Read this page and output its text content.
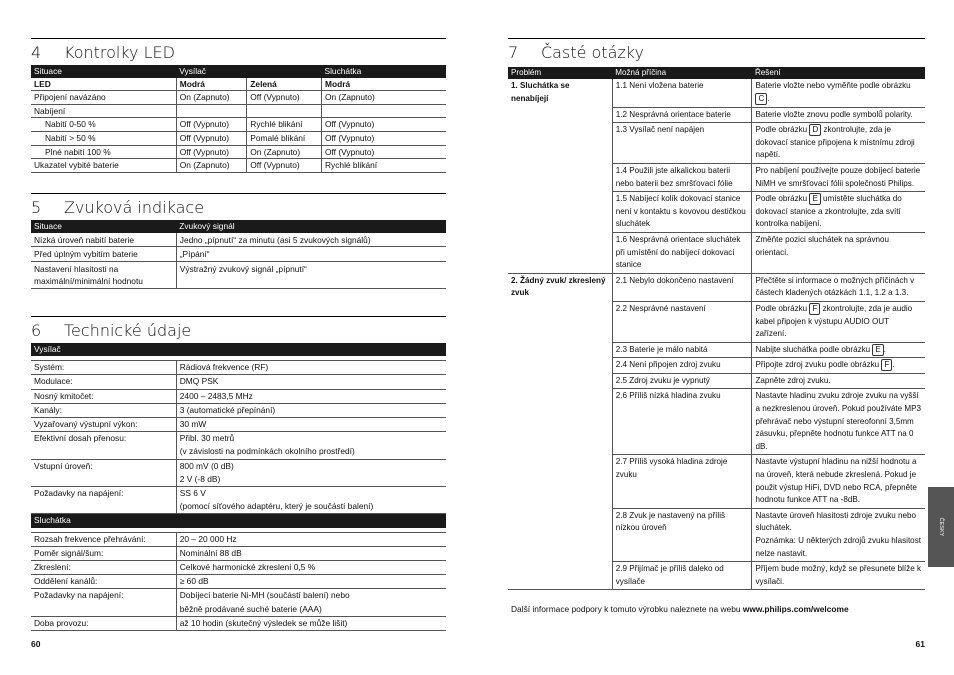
4 Kontrolky LED
Situace	Vysílač		Sluchátka
LED	Modrá	Zelená	Modrá
Připojení navázáno	On (Zapnuto)	Off (Vypnuto)	On (Zapnuto)
Nabíjení			
Nabití 0-50 %	Off (Vypnuto)	Rychlé blikání	Off (Vypnuto)
Nabití > 50 %	Off (Vypnuto)	Pomalé blikání	Off (Vypnuto)
Plné nabití 100 %	Off (Vypnuto)	On (Zapnuto)	Off (Vypnuto)
Ukazatel vybité baterie	On (Zapnuto)	Off (Vypnuto)	Rychlé blikání
5 Zvuková indikace
Situace	Zvukový signál
Nízká úroveň nabití baterie	Jedno „pípnutí“ za minutu (asi 5 zvukových signálů)
Před úplným vybitím baterie	„Pípání“
Nastavení hlasitosti na maximální/minimální hodnotu	Výstražný zvukový signál „pípnutí“
6 Technické údaje
Vysílač	

Systém:	Rádiová frekvence (RF)
Modulace:	DMQ PSK
Nosný kmitočet:	2400 – 2483,5 MHz
Kanály:	3 (automatické přepínání)
Vyzařovaný výstupní výkon:	30 mW
Efektivní dosah přenosu:	Přibl. 30 metrů
(v závislosti na podmínkách okolního prostředí)
Vstupní úroveň:	800 mV (0 dB)
2 V (-8 dB)
Požadavky na napájení:	SS 6 V
(pomocí síťového adaptéru, který je součástí balení)
Sluchátka	

Rozsah frekvence přehrávání:	20 – 20 000 Hz
Poměr signál/šum:	Nominální 88 dB
Zkreslení:	Celkové harmonické zkreslení 0,5 %
Oddělení kanálů:	≥ 60 dB
Požadavky na napájení:	Dobíjecí baterie Ni-MH (součástí balení) nebo
běžně prodávané suché baterie (AAA)
Doba provozu:	až 10 hodin (skutečný výsledek se může lišit)
60
7 Časté otázky
Problém	Možná příčina	Řešení
1. Sluchátka se nenabíjejí	1.1 Není vložena baterie	Baterie vložte nebo vyměňte podle obrázku C .
	1.2 Nesprávná orientace baterie	Baterie vložte znovu podle symbolů polarity.
	1.3 Vysílač není napájen	Podle obrázku D zkontrolujte, zda je dokovací stanice připojena k místnímu zdroji napětí.
	1.4 Použili jste alkalickou baterii nebo baterii bez smršťovací fólie	Pro nabíjení používejte pouze dobíjecí baterie NiMH ve smršťovací fólii společnosti Philips.
	1.5 Nabíjecí kolík dokovací stanice není v kontaktu s kovovou destičkou sluchátek	Podle obrázku E umístěte sluchátka do dokovací stanice a zkontrolujte, zda svítí kontrolka nabíjení.
	1.6 Nesprávná orientace sluchátek při umístění do nabíjecí dokovací stanice	Změňte pozici sluchátek na správnou orientaci.
2. Žádný zvuk/ zkreslený zvuk	2.1 Nebylo dokončeno nastavení	Přečtěte si informace o možných příčinách v částech kladených otázkách 1.1, 1.2 a 1.3.
	2.2 Nesprávné nastavení	Podle obrázku F zkontrolujte, zda je audio kabel připojen k výstupu AUDIO OUT zařízení.
	2.3 Baterie je málo nabitá	Nabijte sluchátka podle obrázku E .
	2.4 Není připojen zdroj zvuku	Připojte zdroj zvuku podle obrázku F .
	2.5 Zdroj zvuku je vypnutý	Zapněte zdroj zvuku.
	2.6 Příliš nízká hladina zvuku	Nastavte hladinu zvuku zdroje zvuku na vyšší a nezkreslenou úroveň. Pokud používáte MP3 přehrávač nebo výstupní stereofonní 3,5mm zásuvku, přepněte hodnotu funkce ATT na 0 dB.
	2.7 Příliš vysoká hladina zdroje zvuku	Nastavte výstupní hladinu na nižší hodnotu a na úroveň, která nebude zkreslená. Pokud je použit výstup HiFi, DVD nebo RCA, přepněte hodnotu funkce ATT na -8dB.
	2.8 Zvuk je nastavený na příliš nízkou úroveň	Nastavte úroveň hlasitosti zdroje zvuku nebo sluchátek.
Poznámka: U některých zdrojů zvuku hlasitost nelze nastavit.
	2.9 Přijímač je příliš daleko od vysílače	Příjem bude možný, když se přesunete blíže k vysílači.
Další informace podpory k tomuto výrobku naleznete na webu www.philips.com/welcome
61
ČESKY
